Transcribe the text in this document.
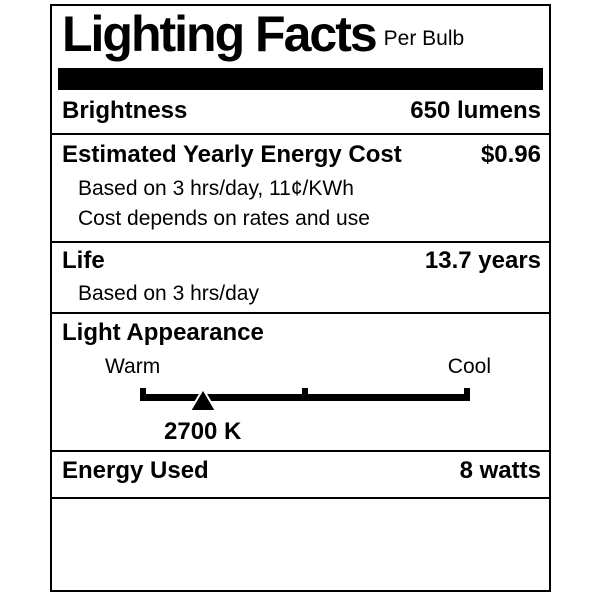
Lighting Facts Per Bulb
Brightness	650 lumens
Estimated Yearly Energy Cost	$0.96
Based on 3 hrs/day, 11¢/KWh
Cost depends on rates and use
Life	13.7 years
Based on 3 hrs/day
Light Appearance
Warm	Cool
2700 K
Energy Used	8 watts
